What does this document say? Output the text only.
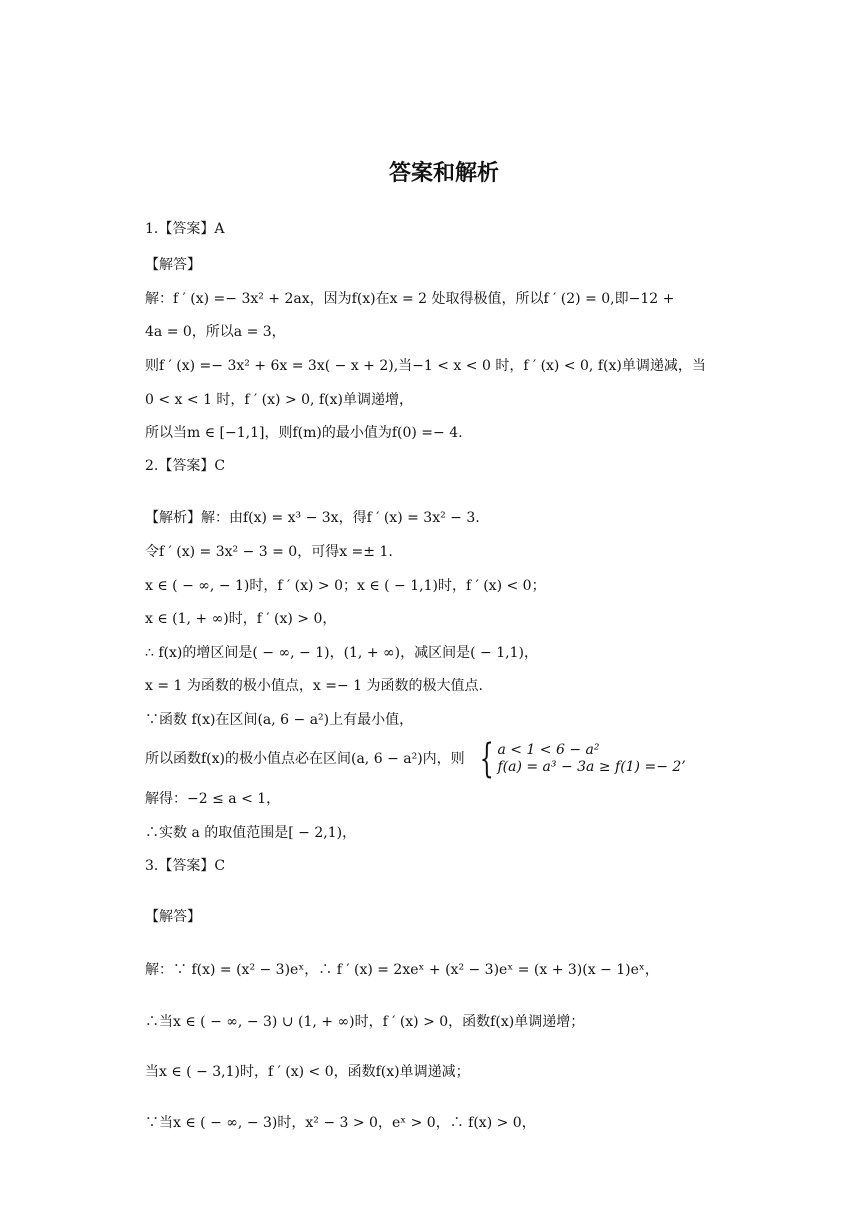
答案和解析
1.【答案】A
【解答】
解：f ′ (x) =− 3x² + 2ax，因为f(x)在x = 2 处取得极值，所以f ′ (2) = 0,即−12 +
4a = 0，所以a = 3，
则f ′ (x) =− 3x² + 6x = 3x( − x + 2),当−1 < x < 0 时，f ′ (x) < 0, f(x)单调递减，当
0 < x < 1 时，f ′ (x) > 0, f(x)单调递增，
所以当m ∈ [−1,1]，则f(m)的最小值为f(0) =− 4.
2.【答案】C
【解析】解：由f(x) = x³ − 3x，得f ′ (x) = 3x² − 3.
令f ′ (x) = 3x² − 3 = 0，可得x =± 1.
x ∈ ( − ∞, − 1)时，f ′ (x) > 0；x ∈ ( − 1,1)时，f ′ (x) < 0；
x ∈ (1, + ∞)时，f ′ (x) > 0，
∴ f(x)的增区间是( − ∞, − 1)，(1, + ∞)，减区间是( − 1,1)，
x = 1 为函数的极小值点，x =− 1 为函数的极大值点.
∵函数 f(x)在区间(a, 6 − a²)上有最小值，
所以函数f(x)的极小值点必在区间(a, 6 − a²)内，则
解得：−2 ≤ a < 1，
∴实数 a 的取值范围是[ − 2,1)，
3.【答案】C
【解答】
解：∵ f(x) = (x² − 3)eˣ，∴ f ′ (x) = 2xeˣ + (x² − 3)eˣ = (x + 3)(x − 1)eˣ，
∴当x ∈ ( − ∞, − 3) ∪ (1, + ∞)时，f ′ (x) > 0，函数f(x)单调递增；
当x ∈ ( − 3,1)时，f ′ (x) < 0，函数f(x)单调递减；
∵当x ∈ ( − ∞, − 3)时，x² − 3 > 0，eˣ > 0，∴ f(x) > 0，
{ a < 1 < 6 − a²
f(a) = a³ − 3a ≥ f(1) =− 2’
